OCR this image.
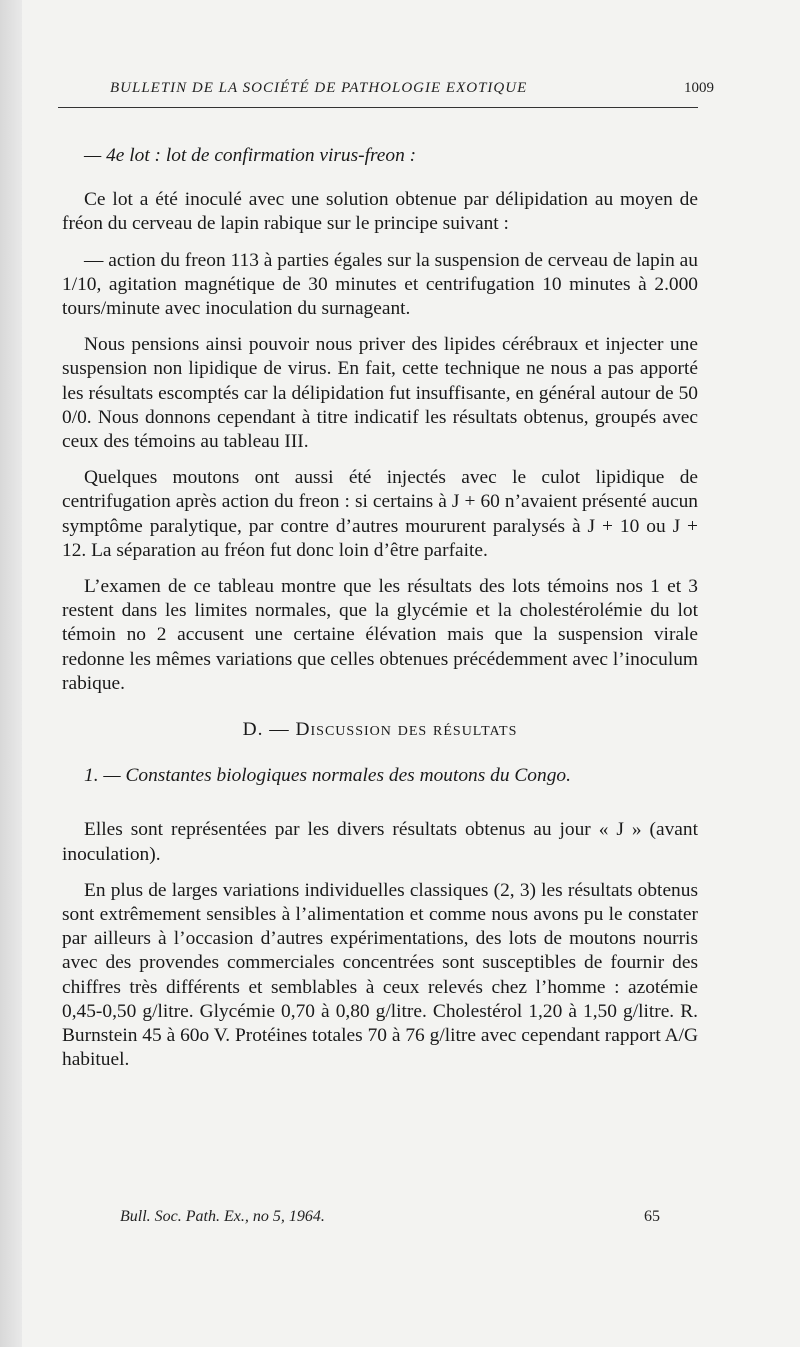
BULLETIN DE LA SOCIÉTÉ DE PATHOLOGIE EXOTIQUE	1009

— 4e lot : lot de confirmation virus-freon :

Ce lot a été inoculé avec une solution obtenue par délipidation au moyen de fréon du cerveau de lapin rabique sur le principe suivant :

— action du freon 113 à parties égales sur la suspension de cerveau de lapin au 1/10, agitation magnétique de 30 minutes et centrifugation 10 minutes à 2.000 tours/minute avec inoculation du surnageant.

Nous pensions ainsi pouvoir nous priver des lipides cérébraux et injecter une suspension non lipidique de virus. En fait, cette technique ne nous a pas apporté les résultats escomptés car la délipidation fut insuffisante, en général autour de 50 0/0. Nous donnons cependant à titre indicatif les résultats obtenus, groupés avec ceux des témoins au tableau III.

Quelques moutons ont aussi été injectés avec le culot lipidique de centrifugation après action du freon : si certains à J + 60 n’avaient présenté aucun symptôme paralytique, par contre d’autres moururent paralysés à J + 10 ou J + 12. La séparation au fréon fut donc loin d’être parfaite.

L’examen de ce tableau montre que les résultats des lots témoins nos 1 et 3 restent dans les limites normales, que la glycémie et la cholestérolémie du lot témoin no 2 accusent une certaine élévation mais que la suspension virale redonne les mêmes variations que celles obtenues précédemment avec l’inoculum rabique.

D. — Discussion des résultats

1. — Constantes biologiques normales des moutons du Congo.

Elles sont représentées par les divers résultats obtenus au jour « J » (avant inoculation).

En plus de larges variations individuelles classiques (2, 3) les résultats obtenus sont extrêmement sensibles à l’alimentation et comme nous avons pu le constater par ailleurs à l’occasion d’autres expérimentations, des lots de moutons nourris avec des provendes commerciales concentrées sont susceptibles de fournir des chiffres très différents et semblables à ceux relevés chez l’homme : azotémie 0,45-0,50 g/litre. Glycémie 0,70 à 0,80 g/litre. Cholestérol 1,20 à 1,50 g/litre. R. Burnstein 45 à 60o V. Protéines totales 70 à 76 g/litre avec cependant rapport A/G habituel.

Bull. Soc. Path. Ex., no 5, 1964.	65
